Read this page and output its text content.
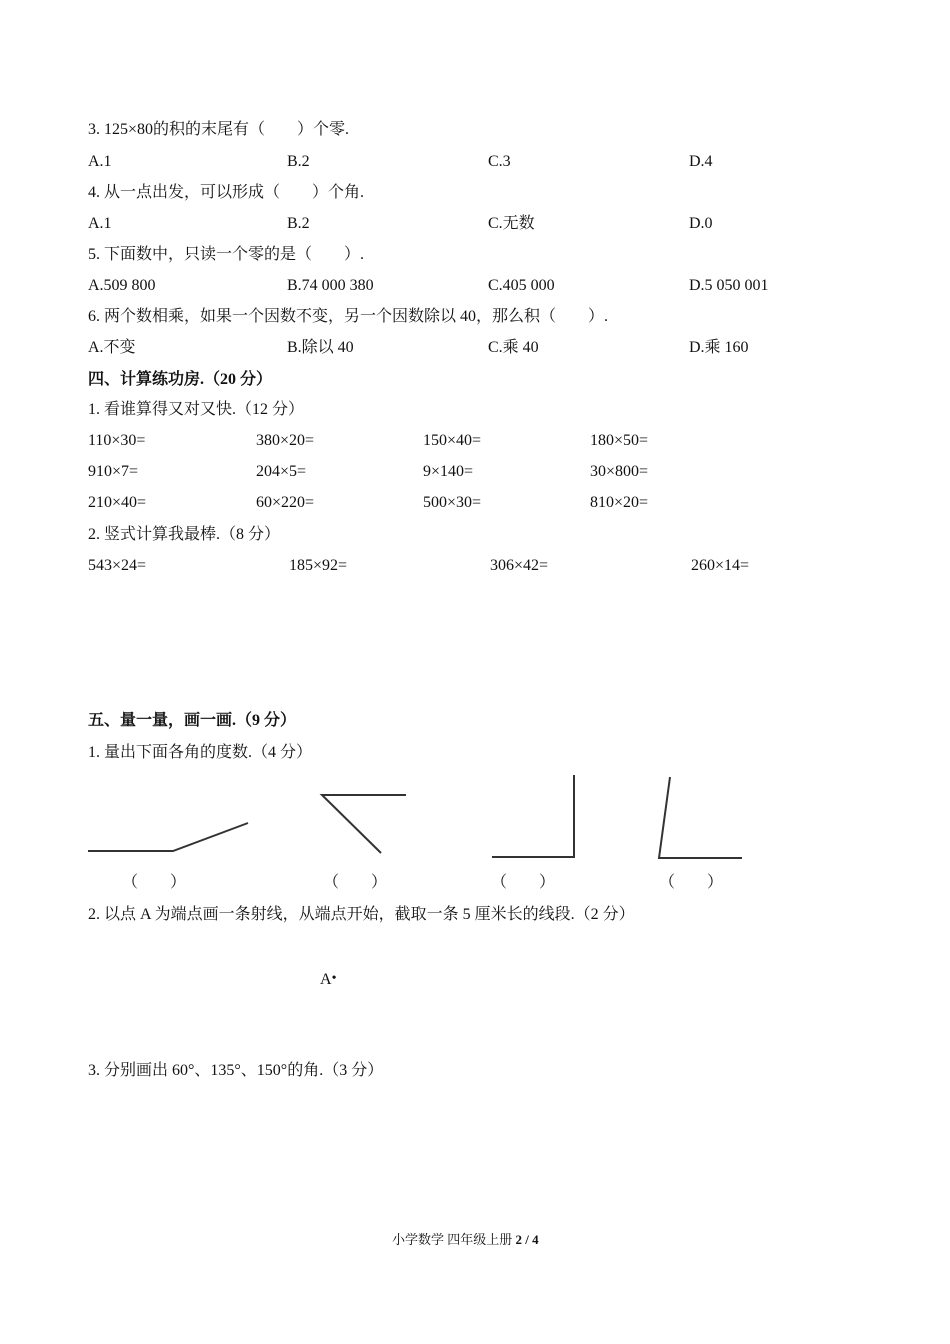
3. 125×80的积的末尾有（　　）个零.
A.1	B.2	C.3	D.4
4. 从一点出发，可以形成（　　）个角.
A.1	B.2	C.无数	D.0
5. 下面数中，只读一个零的是（　　）.
A.509 800	B.74 000 380	C.405 000	D.5 050 001
6. 两个数相乘，如果一个因数不变，另一个因数除以 40，那么积（　　）.
A.不变	B.除以 40	C.乘 40	D.乘 160
四、计算练功房.（20 分）
1. 看谁算得又对又快.（12 分）
110×30=	380×20=	150×40=	180×50=
910×7=	204×5=	9×140=	30×800=
210×40=	60×220=	500×30=	810×20=
2. 竖式计算我最棒.（8 分）
543×24=	185×92=	306×42=	260×14=
五、量一量，画一画.（9 分）
1. 量出下面各角的度数.（4 分）
（　　）	（　　）	（　　）	（　　）
2. 以点 A 为端点画一条射线，从端点开始，截取一条 5 厘米长的线段.（2 分）
A•
3. 分别画出 60°、135°、150°的角.（3 分）
小学数学 四年级上册 2 / 4
